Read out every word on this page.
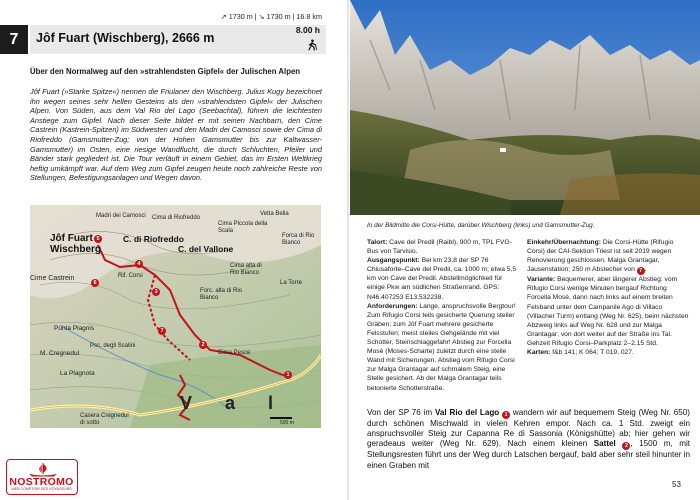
↗ 1730 m | ↘ 1730 m | 16.8 km
7	Jôf Fuart (Wischberg), 2666 m
8.00 h
Über den Normalweg auf den »strahlendsten Gipfel« der Julischen Alpen
Jôf Fuart (»Starke Spitze«) nennen die Friulaner den Wischberg. Julius Kugy bezeichnet ihn wegen seines sehr hellen Gesteins als den »strahlendsten Gipfel« der Julischen Alpen. Von Süden, aus dem Val Rio del Lago (Seebachtal), führen die leichtesten Anstiege zum Gipfel. Nach dieser Seite bildet er mit seinen Nachbarn, den Cime Castrein (Kastrein-Spitzen) im Südwesten und den Madri dei Camosci sowie der Cima di Riofreddo (Gamsmutter-Zug; von der Hohen Gamsmutter bis zur Kaltwasser-Gamsmutter) im Osten, eine riesige Wandflucht, die durch Schluchten, Pfeiler und Bänder stark gegliedert ist. Die Tour verläuft in einem Gebiet, das im Ersten Weltkrieg heftig umkämpft war. Auf dem Weg zum Gipfel zeugen heute noch zahlreiche Reste von Stellungen, Befestigungsanlagen und Wegen davon.
Madri dei Camosci Cima di Riofreddo
Vetta Bella
Cima Piccola della Scala
Forca di Rio Bianco
Jôf Fuart Wischberg
C. di Riofreddo
C. del Vallone
Cime Castrein	Rif. Corsi
Cima alta di Rio Bianco
Forc. alta di Rio Bianco
La Torre
Punta Plagnis
M. Cregnedul
Psc. degli Scalini
La Plagnota
Cima Pesce
Casera Cregnedul di sotto
V a l
500 m
5
6
4
3
7
2
1
NOSTROMO
WEB COMPTOIR DES VOYAGEURS
In der Bildmitte die Corsi-Hütte, darüber Wischberg (links) und Gamsmutter-Zug.

Talort: Cave del Predil (Raibl), 900 m, TPL FVG-Bus von Tarvisio.

Ausgangspunkt: Bei km 23,8 der SP 76 Chiusaforte–Cave del Predil, ca. 1000 m; etwa 5,5 km von Cave del Predil. Abstellmöglichkeit für einige Pkw am südlichen Straßenrand. GPS: N46.407253 E13.532238.

Anforderungen: Lange, anspruchsvolle Bergtour! Zum Rifugio Corsi teils gesicherte Querung steiler Gräben; zum Jôf Fuart mehrere gesicherte Felsstufen; meist steiles Gehgelände mit viel Schotter, Steinschlaggefahr! Abstieg zur Forcella Mosè (Moses-Scharte) zuletzt durch eine steile Wand mit Sicherungen. Abstieg vom Rifugio Corsi zur Malga Grantagar auf schmalem Steig, eine Stelle gesichert. Ab der Malga Grantagar teils betonierte Schotterstraße.

Einkehr/Übernachtung: Die Corsi-Hütte (Rifugio Corsi) der CAI-Sektion Triest ist seit 2019 wegen Renovierung geschlossen. Malga Grantagar, Jausenstation; 250 m Abstecher von 7 .

Variante: Bequemerer, aber längerer Abstieg: vom Rifugio Corsi wenige Minuten bergauf Richtung Forcella Mosè, dann nach links auf einem breiten Felsband unter dem Campanile Ago di Villaco (Villacher Turm) entlang (Weg Nr. 625), beim nächsten Abzweig links auf Weg Nr. 628 und zur Malga Grantagar; von dort weiter auf der Straße ins Tal. Gehzeit Rifugio Corsi–Parkplatz 2–2.15 Std.

Karten: f&b 141; K 064; T 019, 027.

Von der SP 76 im Val Rio del Lago 1 wandern wir auf bequemem Steig (Weg Nr. 650) durch schönen Mischwald in vielen Kehren empor. Nach ca. 1 Std. zweigt ein anspruchsvoller Steig zur Capanna Re di Sassonia (Königshütte) ab; hier gehen wir geradeaus weiter (Weg Nr. 629). Nach einem kleinen Sattel 2 , 1500 m, mit Stellungsresten führt uns der Weg durch Latschen bergauf, bald aber sehr steil hinunter in einen Graben mit
53
